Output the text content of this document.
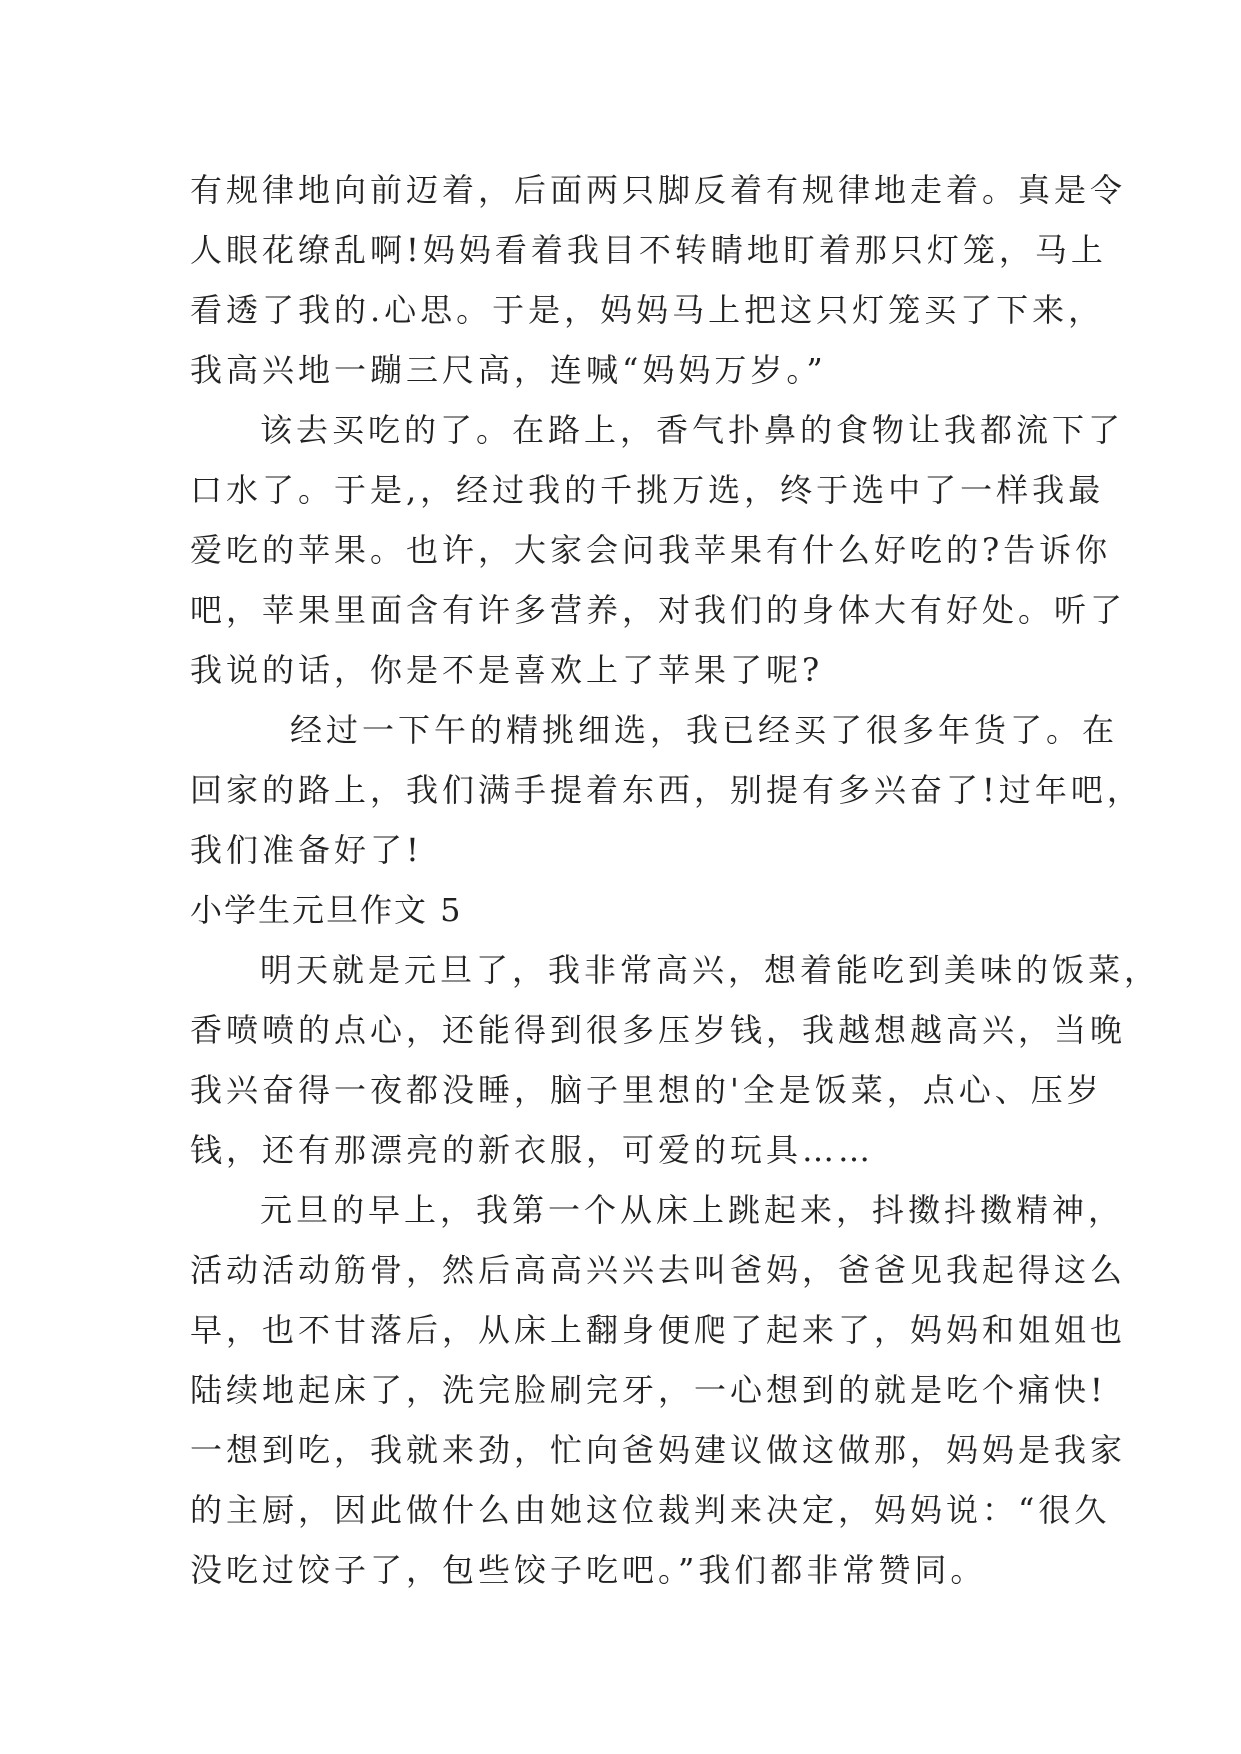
有规律地向前迈着，后面两只脚反着有规律地走着。真是令
人眼花缭乱啊!妈妈看着我目不转睛地盯着那只灯笼，马上
看透了我的.心思。于是，妈妈马上把这只灯笼买了下来，
我高兴地一蹦三尺高，连喊“妈妈万岁。”
该去买吃的了。在路上，香气扑鼻的食物让我都流下了
口水了。于是,，经过我的千挑万选，终于选中了一样我最
爱吃的苹果。也许，大家会问我苹果有什么好吃的?告诉你
吧，苹果里面含有许多营养，对我们的身体大有好处。听了
我说的话，你是不是喜欢上了苹果了呢?
经过一下午的精挑细选，我已经买了很多年货了。在
回家的路上，我们满手提着东西，别提有多兴奋了!过年吧，
我们准备好了!
小学生元旦作文 5
明天就是元旦了，我非常高兴，想着能吃到美味的饭菜，
香喷喷的点心，还能得到很多压岁钱，我越想越高兴，当晚
我兴奋得一夜都没睡，脑子里想的'全是饭菜，点心、压岁
钱，还有那漂亮的新衣服，可爱的玩具……
元旦的早上，我第一个从床上跳起来，抖擞抖擞精神，
活动活动筋骨，然后高高兴兴去叫爸妈，爸爸见我起得这么
早，也不甘落后，从床上翻身便爬了起来了，妈妈和姐姐也
陆续地起床了，洗完脸刷完牙，一心想到的就是吃个痛快!
一想到吃，我就来劲，忙向爸妈建议做这做那，妈妈是我家
的主厨，因此做什么由她这位裁判来决定，妈妈说：“很久
没吃过饺子了，包些饺子吃吧。”我们都非常赞同。
